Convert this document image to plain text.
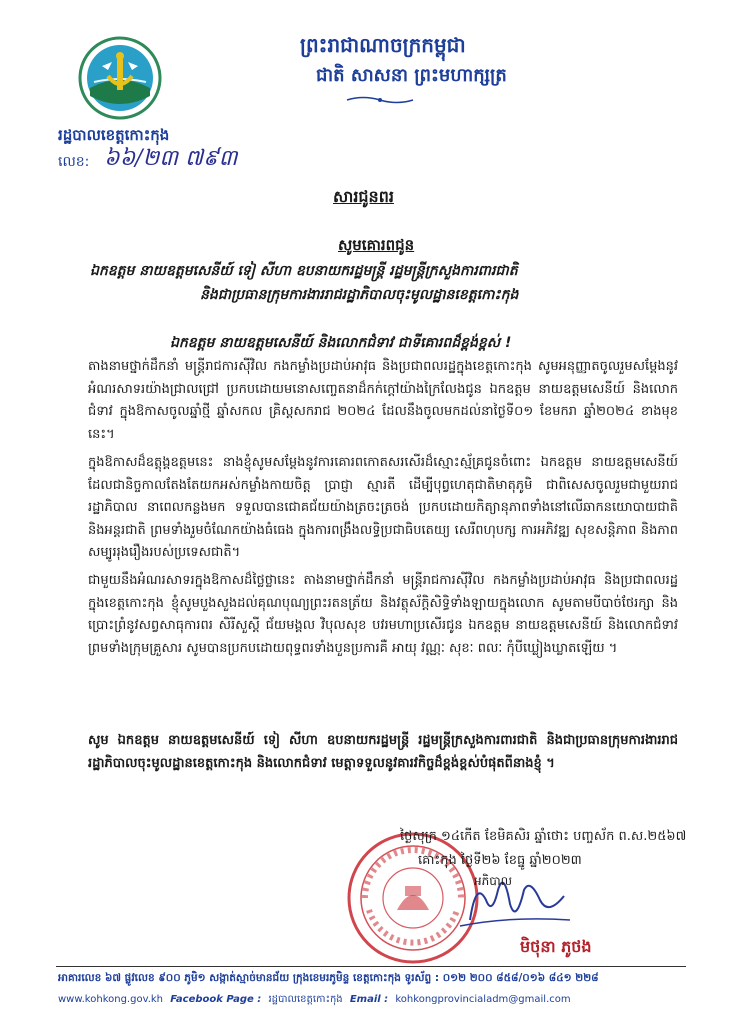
រដ្ឋបាលខេត្តកោះកុង
លេខ: ៦៦/២៣ ៧៩៣
ព្រះរាជាណាចក្រកម្ពុជា
ជាតិ សាសនា ព្រះមហាក្សត្រ
សារជូនពរ
សូមគោរពជូន
ឯកឧត្តម នាយឧត្តមសេនីយ៍ ទៀ សីហា ឧបនាយករដ្ឋមន្ត្រី រដ្ឋមន្ត្រីក្រសួងការពារជាតិ
និងជាប្រធានក្រុមការងាររាជរដ្ឋាភិបាលចុះមូលដ្ឋានខេត្តកោះកុង
ឯកឧត្តម នាយឧត្តមសេនីយ៍ និងលោកជំទាវ ជាទីគោរពដ៏ខ្ពង់ខ្ពស់ !
តាងនាមថ្នាក់ដឹកនាំ មន្ត្រីរាជការស៊ីវិល កងកម្លាំងប្រដាប់អាវុធ និងប្រជាពលរដ្ឋក្នុងខេត្តកោះកុង សូមអនុញ្ញាតចូលរួមសម្តែងនូវអំណរសាទរយ៉ាងជ្រាលជ្រៅ ប្រកបដោយមនោសញ្ចេតនាដ៏កក់ក្តៅយ៉ាងក្រៃលែងជូន ឯកឧត្តម នាយឧត្តមសេនីយ៍ និងលោកជំទាវ ក្នុងឱកាសចូលឆ្នាំថ្មី ឆ្នាំសកល គ្រិស្តសករាជ ២០២៤ ដែលនឹងចូលមកដល់នាថ្ងៃទី០១ ខែមករា ឆ្នាំ២០២៤ ខាងមុខនេះ។
ក្នុងឱកាសដ៏ឧត្តុង្គឧត្តមនេះ នាងខ្ញុំសូមសម្តែងនូវការគោរពកោតសរសើរដ៏ស្មោះស្ម័គ្រជូនចំពោះ ឯកឧត្តម នាយឧត្តមសេនីយ៍ ដែលជានិច្ចកាលតែងតែយកអស់កម្លាំងកាយចិត្ត ប្រាជ្ញា ស្មារតី ដើម្បីបុព្វហេតុជាតិមាតុភូមិ ជាពិសេសចូលរួមជាមួយរាជរដ្ឋាភិបាល នាពេលកន្លងមក ទទួលបានជោគជ័យយ៉ាងត្រចះត្រចង់ ប្រកបដោយកិត្យានុភាពទាំងនៅលើឆាកនយោបាយជាតិ និងអន្តរជាតិ ព្រមទាំងរួមចំណែកយ៉ាងធំធេង ក្នុងការពង្រឹងលទ្ធិប្រជាធិបតេយ្យ សេរីពហុបក្ស ការអភិវឌ្ឍ សុខសន្តិភាព និងភាពសម្បូររុងរឿងរបស់ប្រទេសជាតិ។
ជាមួយនឹងអំណរសាទរក្នុងឱកាសដ៏ថ្លៃថ្លានេះ តាងនាមថ្នាក់ដឹកនាំ មន្ត្រីរាជការស៊ីវិល កងកម្លាំងប្រដាប់អាវុធ និងប្រជាពលរដ្ឋក្នុងខេត្តកោះកុង ខ្ញុំសូមបួងសួងដល់គុណបុណ្យព្រះរតនត្រ័យ និងវត្ថុស័ក្តិសិទ្ធិទាំងឡាយក្នុងលោក សូមតាមបីបាច់ថែរក្សា និងប្រោះព្រំនូវសព្វសាធុការពរ សិរីសួស្តី ជ័យមង្គល វិបុលសុខ បវរមហាប្រសើរជូន ឯកឧត្តម នាយឧត្តមសេនីយ៍ និងលោកជំទាវ ព្រមទាំងក្រុមគ្រួសារ សូមបានប្រកបដោយពុទ្ធពរទាំងបួនប្រការគឺ អាយុ វណ្ណៈ សុខៈ ពលៈ កុំបីឃ្លៀងឃ្លាតឡើយ ។
សូម ឯកឧត្តម នាយឧត្តមសេនីយ៍ ទៀ សីហា ឧបនាយករដ្ឋមន្ត្រី រដ្ឋមន្ត្រីក្រសួងការពារជាតិ និងជាប្រធានក្រុមការងាររាជរដ្ឋាភិបាលចុះមូលដ្ឋានខេត្តកោះកុង និងលោកជំទាវ មេត្តាទទួលនូវគារវកិច្ចដ៏ខ្ពង់ខ្ពស់បំផុតពីនាងខ្ញុំ ។
ថ្ងៃសុក្រ ១៤កើត ខែមិគសិរ ឆ្នាំថោះ បញ្ចស័ក ព.ស.២៥៦៧
គោះកុង ថ្ងៃទី២៦ ខែធ្នូ ឆ្នាំ២០២៣
អភិបាល
មិថុនា ភូថង
អាគារលេខ ៦៧ ផ្លូវលេខ ៩០០ ភូមិ១ សង្កាត់ស្មាច់មានជ័យ ក្រុងខេមរភូមិន្ទ ខេត្តកោះកុង ទូរស័ព្ទ : ០១២ ២០០ ៨៥៨/០១៦ ៨៤១ ២២៨
www.kohkong.gov.kh Facebook Page : រដ្ឋបាលខេត្តកោះកុង Email : kohkongprovincialadm@gmail.com
